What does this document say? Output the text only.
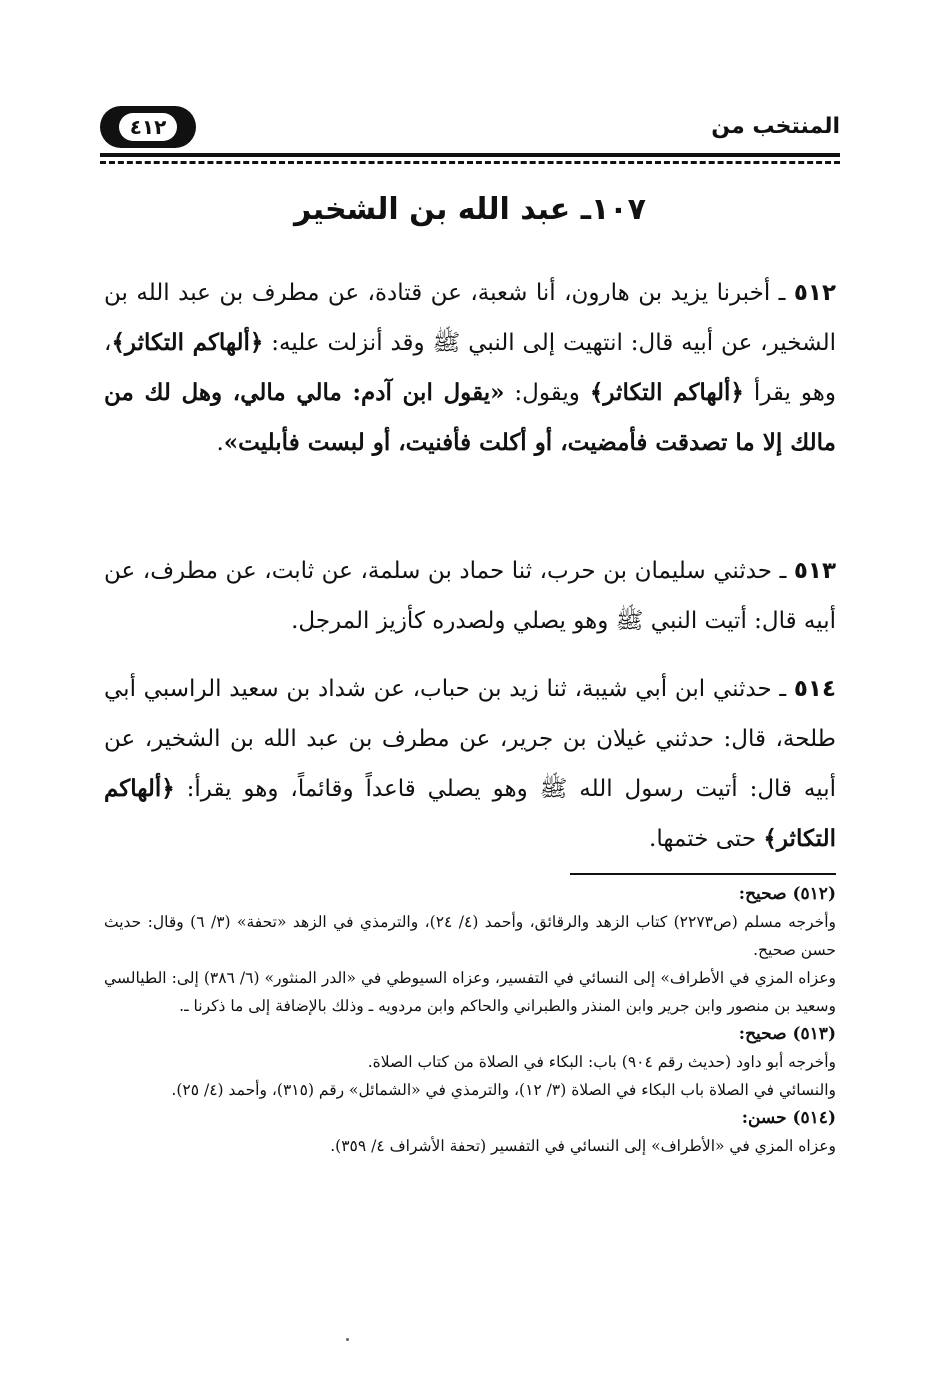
٤١٢	المنتخب من
١٠٧ـ عبد الله بن الشخير
٥١٢ ـ أخبرنا يزيد بن هارون، أنا شعبة، عن قتادة، عن مطرف بن عبد الله بن الشخير، عن أبيه قال: انتهيت إلى النبي ﷺ وقد أنزلت عليه: ﴿ألهاكم التكاثر﴾، وهو يقرأ ﴿ألهاكم التكاثر﴾ ويقول: «يقول ابن آدم: مالي مالي، وهل لك من مالك إلا ما تصدقت فأمضيت، أو أكلت فأفنيت، أو لبست فأبليت».
٥١٣ ـ حدثني سليمان بن حرب، ثنا حماد بن سلمة، عن ثابت، عن مطرف، عن أبيه قال: أتيت النبي ﷺ وهو يصلي ولصدره كأزيز المرجل.
٥١٤ ـ حدثني ابن أبي شيبة، ثنا زيد بن حباب، عن شداد بن سعيد الراسبي أبي طلحة، قال: حدثني غيلان بن جرير، عن مطرف بن عبد الله بن الشخير، عن أبيه قال: أتيت رسول الله ﷺ وهو يصلي قاعداً وقائماً، وهو يقرأ: ﴿ألهاكم التكاثر﴾ حتى ختمها.
(٥١٢) صحيح:
وأخرجه مسلم (ص٢٢٧٣) كتاب الزهد والرقائق، وأحمد (٤/ ٢٤)، والترمذي في الزهد «تحفة» (٣/ ٦) وقال: حديث حسن صحيح.
وعزاه المزي في الأطراف» إلى النسائي في التفسير، وعزاه السيوطي في «الدر المنثور» (٦/ ٣٨٦) إلى: الطيالسي وسعيد بن منصور وابن جرير وابن المنذر والطبراني والحاكم وابن مردويه ـ وذلك بالإضافة إلى ما ذكرنا ـ.
(٥١٣) صحيح:
وأخرجه أبو داود (حديث رقم ٩٠٤) باب: البكاء في الصلاة من كتاب الصلاة.
والنسائي في الصلاة باب البكاء في الصلاة (٣/ ١٢)، والترمذي في «الشمائل» رقم (٣١٥)، وأحمد (٤/ ٢٥).
(٥١٤) حسن:
وعزاه المزي في «الأطراف» إلى النسائي في التفسير (تحفة الأشراف ٤/ ٣٥٩).
